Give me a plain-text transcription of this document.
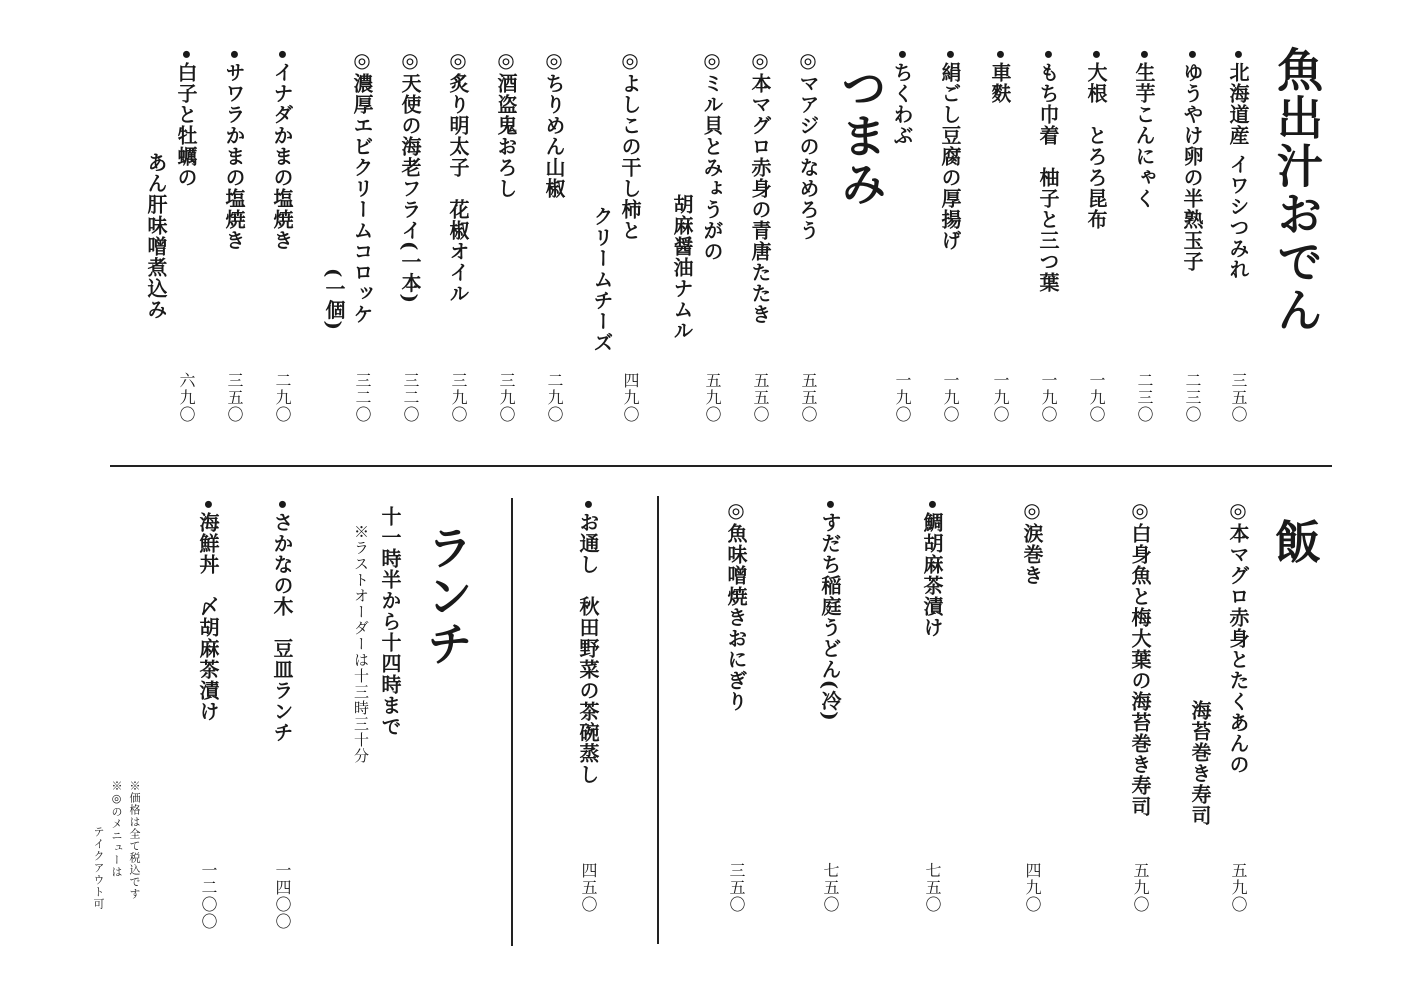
魚出汁おでん
•北海道産 イワシつみれ
三五〇
•ゆうやけ卵の半熟玉子
二三〇
•生芋こんにゃく
二三〇
•大根　とろろ昆布
一九〇
•もち巾着　柚子と三つ葉
一九〇
•車麩
一九〇
•絹ごし豆腐の厚揚げ
一九〇
•ちくわぶ
一九〇
つまみ
◎マアジのなめろう
五五〇
◎本マグロ赤身の青唐たたき
五五〇
◎ミル貝とみょうがの
胡麻醤油ナムル
五九〇
◎よしこの干し柿と
クリームチーズ
四九〇
◎ちりめん山椒
二九〇
◎酒盗鬼おろし
三九〇
◎炙り明太子　花椒オイル
三九〇
◎天使の海老フライ(一本)
三二〇
◎濃厚エビクリームコロッケ
(一個)
三二〇
•イナダかまの塩焼き
二九〇
•サワラかまの塩焼き
三五〇
•白子と牡蠣の
あん肝味噌煮込み
六九〇
飯
◎本マグロ赤身とたくあんの
海苔巻き寿司
五九〇
◎白身魚と梅大葉の海苔巻き寿司
五九〇
◎涙巻き
四九〇
•鯛胡麻茶漬け
七五〇
•すだち稲庭うどん(冷)
七五〇
◎魚味噌焼きおにぎり
三五〇
•お通し　秋田野菜の茶碗蒸し
四五〇
ランチ
十一時半から十四時まで
※ラストオーダーは十三時三十分
•さかなの木　豆皿ランチ
一四〇〇
•海鮮丼　〆胡麻茶漬け
一二〇〇
※価格は全て税込です
※◎のメニューは
テイクアウト可
